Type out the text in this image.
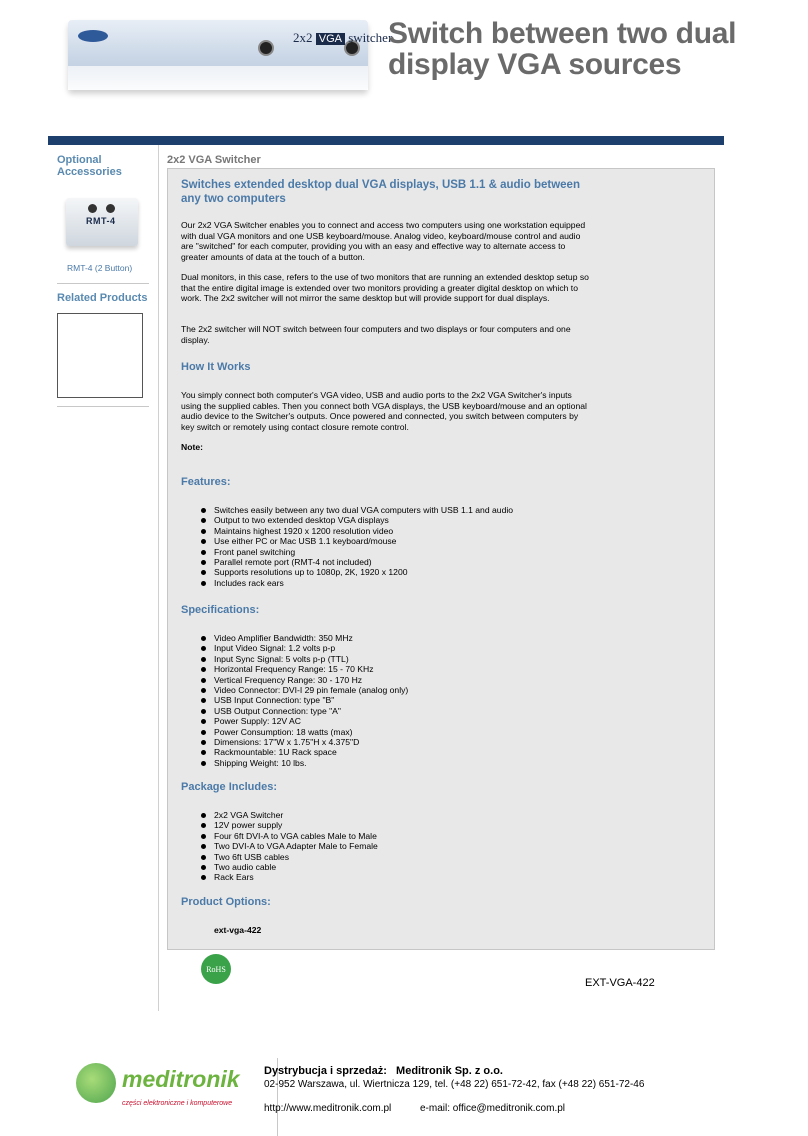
2x2 VGA switcher
Switch between two dual display VGA sources
Optional Accessories
RMT-4
RMT-4 (2 Button)
Related Products
2x2 VGA Switcher
Switches extended desktop dual VGA displays, USB 1.1 & audio between any two computers
Our 2x2 VGA Switcher enables you to connect and access two computers using one workstation equipped with dual VGA monitors and one USB keyboard/mouse. Analog video, keyboard/mouse control and audio are "switched" for each computer, providing you with an easy and effective way to alternate access to greater amounts of data at the touch of a button.
Dual monitors, in this case, refers to the use of two monitors that are running an extended desktop setup so that the entire digital image is extended over two monitors providing a greater digital desktop on which to work. The 2x2 switcher will not mirror the same desktop but will provide support for dual displays.
The 2x2 switcher will NOT switch between four computers and two displays or four computers and one display.
How It Works
You simply connect both computer's VGA video, USB and audio ports to the 2x2 VGA Switcher's inputs using the supplied cables. Then you connect both VGA displays, the USB keyboard/mouse and an optional audio device to the Switcher's outputs. Once powered and connected, you switch between computers by key switch or remotely using contact closure remote control.
Note:
Features:
Switches easily between any two dual VGA computers with USB 1.1 and audio
Output to two extended desktop VGA displays
Maintains highest 1920 x 1200 resolution video
Use either PC or Mac USB 1.1 keyboard/mouse
Front panel switching
Parallel remote port (RMT-4 not included)
Supports resolutions up to 1080p, 2K, 1920 x 1200
Includes rack ears
Specifications:
Video Amplifier Bandwidth: 350 MHz
Input Video Signal: 1.2 volts p-p
Input Sync Signal: 5 volts p-p (TTL)
Horizontal Frequency Range: 15 - 70 KHz
Vertical Frequency Range: 30 - 170 Hz
Video Connector: DVI-I 29 pin female (analog only)
USB Input Connection: type "B"
USB Output Connection: type "A"
Power Supply: 12V AC
Power Consumption: 18 watts (max)
Dimensions: 17"W x 1.75"H x 4.375"D
Rackmountable: 1U Rack space
Shipping Weight: 10 lbs.
Package Includes:
2x2 VGA Switcher
12V power supply
Four 6ft DVI-A to VGA cables Male to Male
Two DVI-A to VGA Adapter Male to Female
Two 6ft USB cables
Two audio cable
Rack Ears
Product Options:
ext-vga-422
RoHS
EXT-VGA-422
meditronik
części elektroniczne i komputerowe
Dystrybucja i sprzedaż:   Meditronik Sp. z o.o.
02-952 Warszawa, ul. Wiertnicza 129, tel. (+48 22) 651-72-42, fax (+48 22) 651-72-46
http://www.meditronik.com.pl	e-mail: office@meditronik.com.pl
